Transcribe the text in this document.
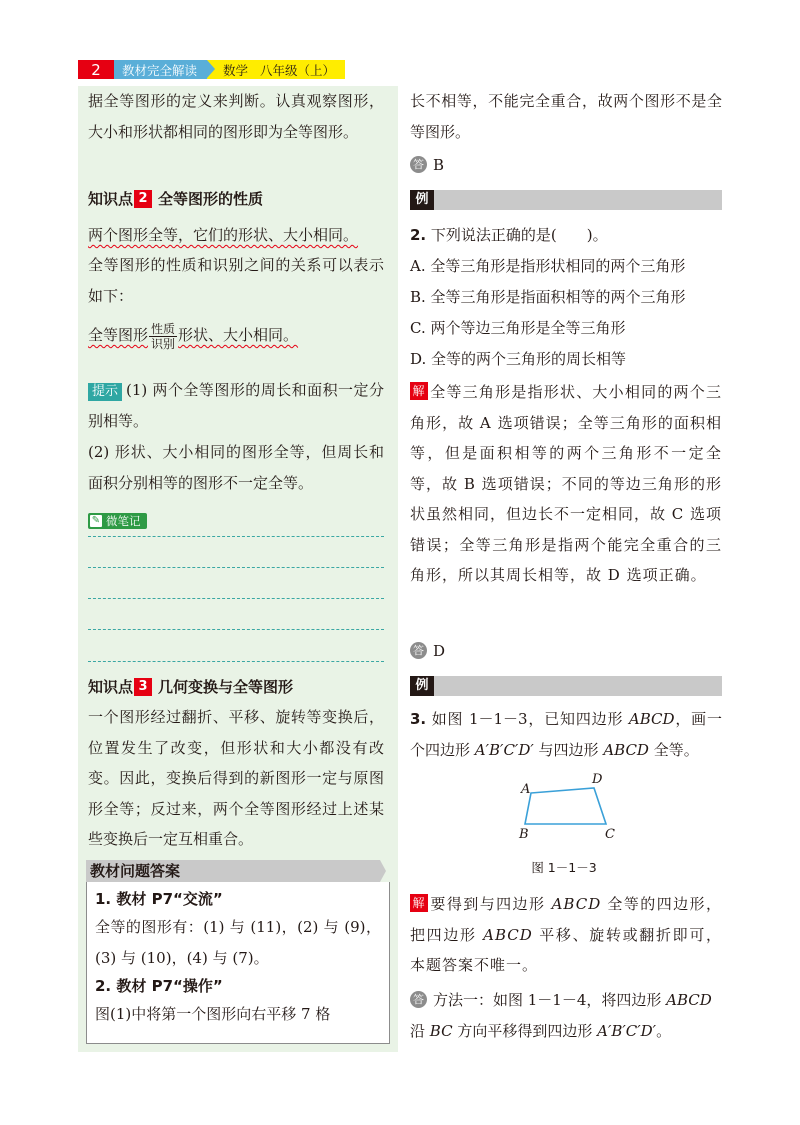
2	教材完全解读	数学 八年级（上）

据全等图形的定义来判断。认真观察图形，大小和形状都相同的图形即为全等图形。

知识点 2 全等图形的性质

两个图形全等，它们的形状、大小相同。

全等图形的性质和识别之间的关系可以表示如下：

全等图形 $\frac{\text{性质}}{\text{识别}}$ 形状、大小相同。

提示 (1) 两个全等图形的周长和面积一定分别相等。

(2) 形状、大小相同的图形全等，但周长和面积分别相等的图形不一定全等。

✎ 微笔记
知识点 3 几何变换与全等图形

一个图形经过翻折、平移、旋转等变换后，位置发生了改变，但形状和大小都没有改变。因此，变换后得到的新图形一定与原图形全等；反过来，两个全等图形经过上述某些变换后一定互相重合。

教材问题答案
1. 教材 P7“交流”

全等的图形有：(1) 与 (11)，(2) 与 (9)，(3) 与 (10)，(4) 与 (7)。

2. 教材 P7“操作”

图(1)中将第一个图形向右平移 7 格

长不相等，不能完全重合，故两个图形不是全等图形。

答 B

例

2. 下列说法正确的是(　　)。

A. 全等三角形是指形状相同的两个三角形

B. 全等三角形是指面积相等的两个三角形

C. 两个等边三角形是全等三角形

D. 全等的两个三角形的周长相等

解 全等三角形是指形状、大小相同的两个三角形，故 A 选项错误；全等三角形的面积相等，但是面积相等的两个三角形不一定全等，故 B 选项错误；不同的等边三角形的形状虽然相同，但边长不一定相同，故 C 选项错误；全等三角形是指两个能完全重合的三角形，所以其周长相等，故 D 选项正确。

答 D

例

3. 如图 1－1－3，已知四边形 ABCD，画一个四边形 A′B′C′D′ 与四边形 ABCD 全等。

A
B	C
D
图 1－1－3

解 要得到与四边形 ABCD 全等的四边形，把四边形 ABCD 平移、旋转或翻折即可，本题答案不唯一。

答 方法一：如图 1－1－4，将四边形 ABCD
沿 BC 方向平移得到四边形 A′B′C′D′。
